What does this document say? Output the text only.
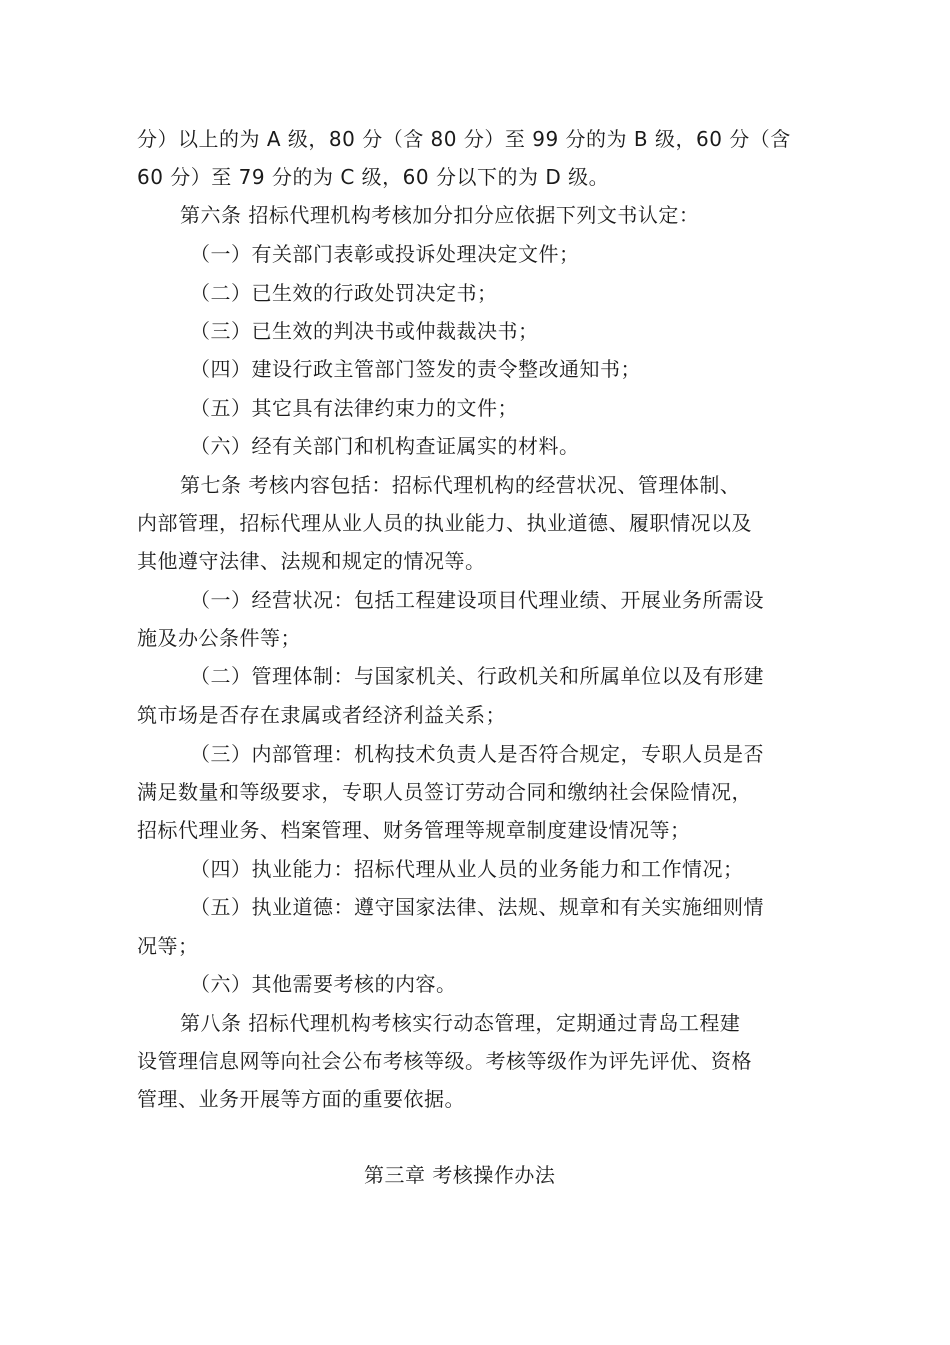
分）以上的为 A 级，80 分（含 80 分）至 99 分的为 B 级，60 分（含
60 分）至 79 分的为 C 级，60 分以下的为 D 级。
第六条 招标代理机构考核加分扣分应依据下列文书认定：
（一）有关部门表彰或投诉处理决定文件；
（二）已生效的行政处罚决定书；
（三）已生效的判决书或仲裁裁决书；
（四）建设行政主管部门签发的责令整改通知书；
（五）其它具有法律约束力的文件；
（六）经有关部门和机构查证属实的材料。
第七条 考核内容包括：招标代理机构的经营状况、管理体制、
内部管理，招标代理从业人员的执业能力、执业道德、履职情况以及
其他遵守法律、法规和规定的情况等。
（一）经营状况：包括工程建设项目代理业绩、开展业务所需设
施及办公条件等；
（二）管理体制：与国家机关、行政机关和所属单位以及有形建
筑市场是否存在隶属或者经济利益关系；
（三）内部管理：机构技术负责人是否符合规定，专职人员是否
满足数量和等级要求，专职人员签订劳动合同和缴纳社会保险情况，
招标代理业务、档案管理、财务管理等规章制度建设情况等；
（四）执业能力：招标代理从业人员的业务能力和工作情况；
（五）执业道德：遵守国家法律、法规、规章和有关实施细则情
况等；
（六）其他需要考核的内容。
第八条 招标代理机构考核实行动态管理，定期通过青岛工程建
设管理信息网等向社会公布考核等级。考核等级作为评先评优、资格
管理、业务开展等方面的重要依据。
第三章 考核操作办法
